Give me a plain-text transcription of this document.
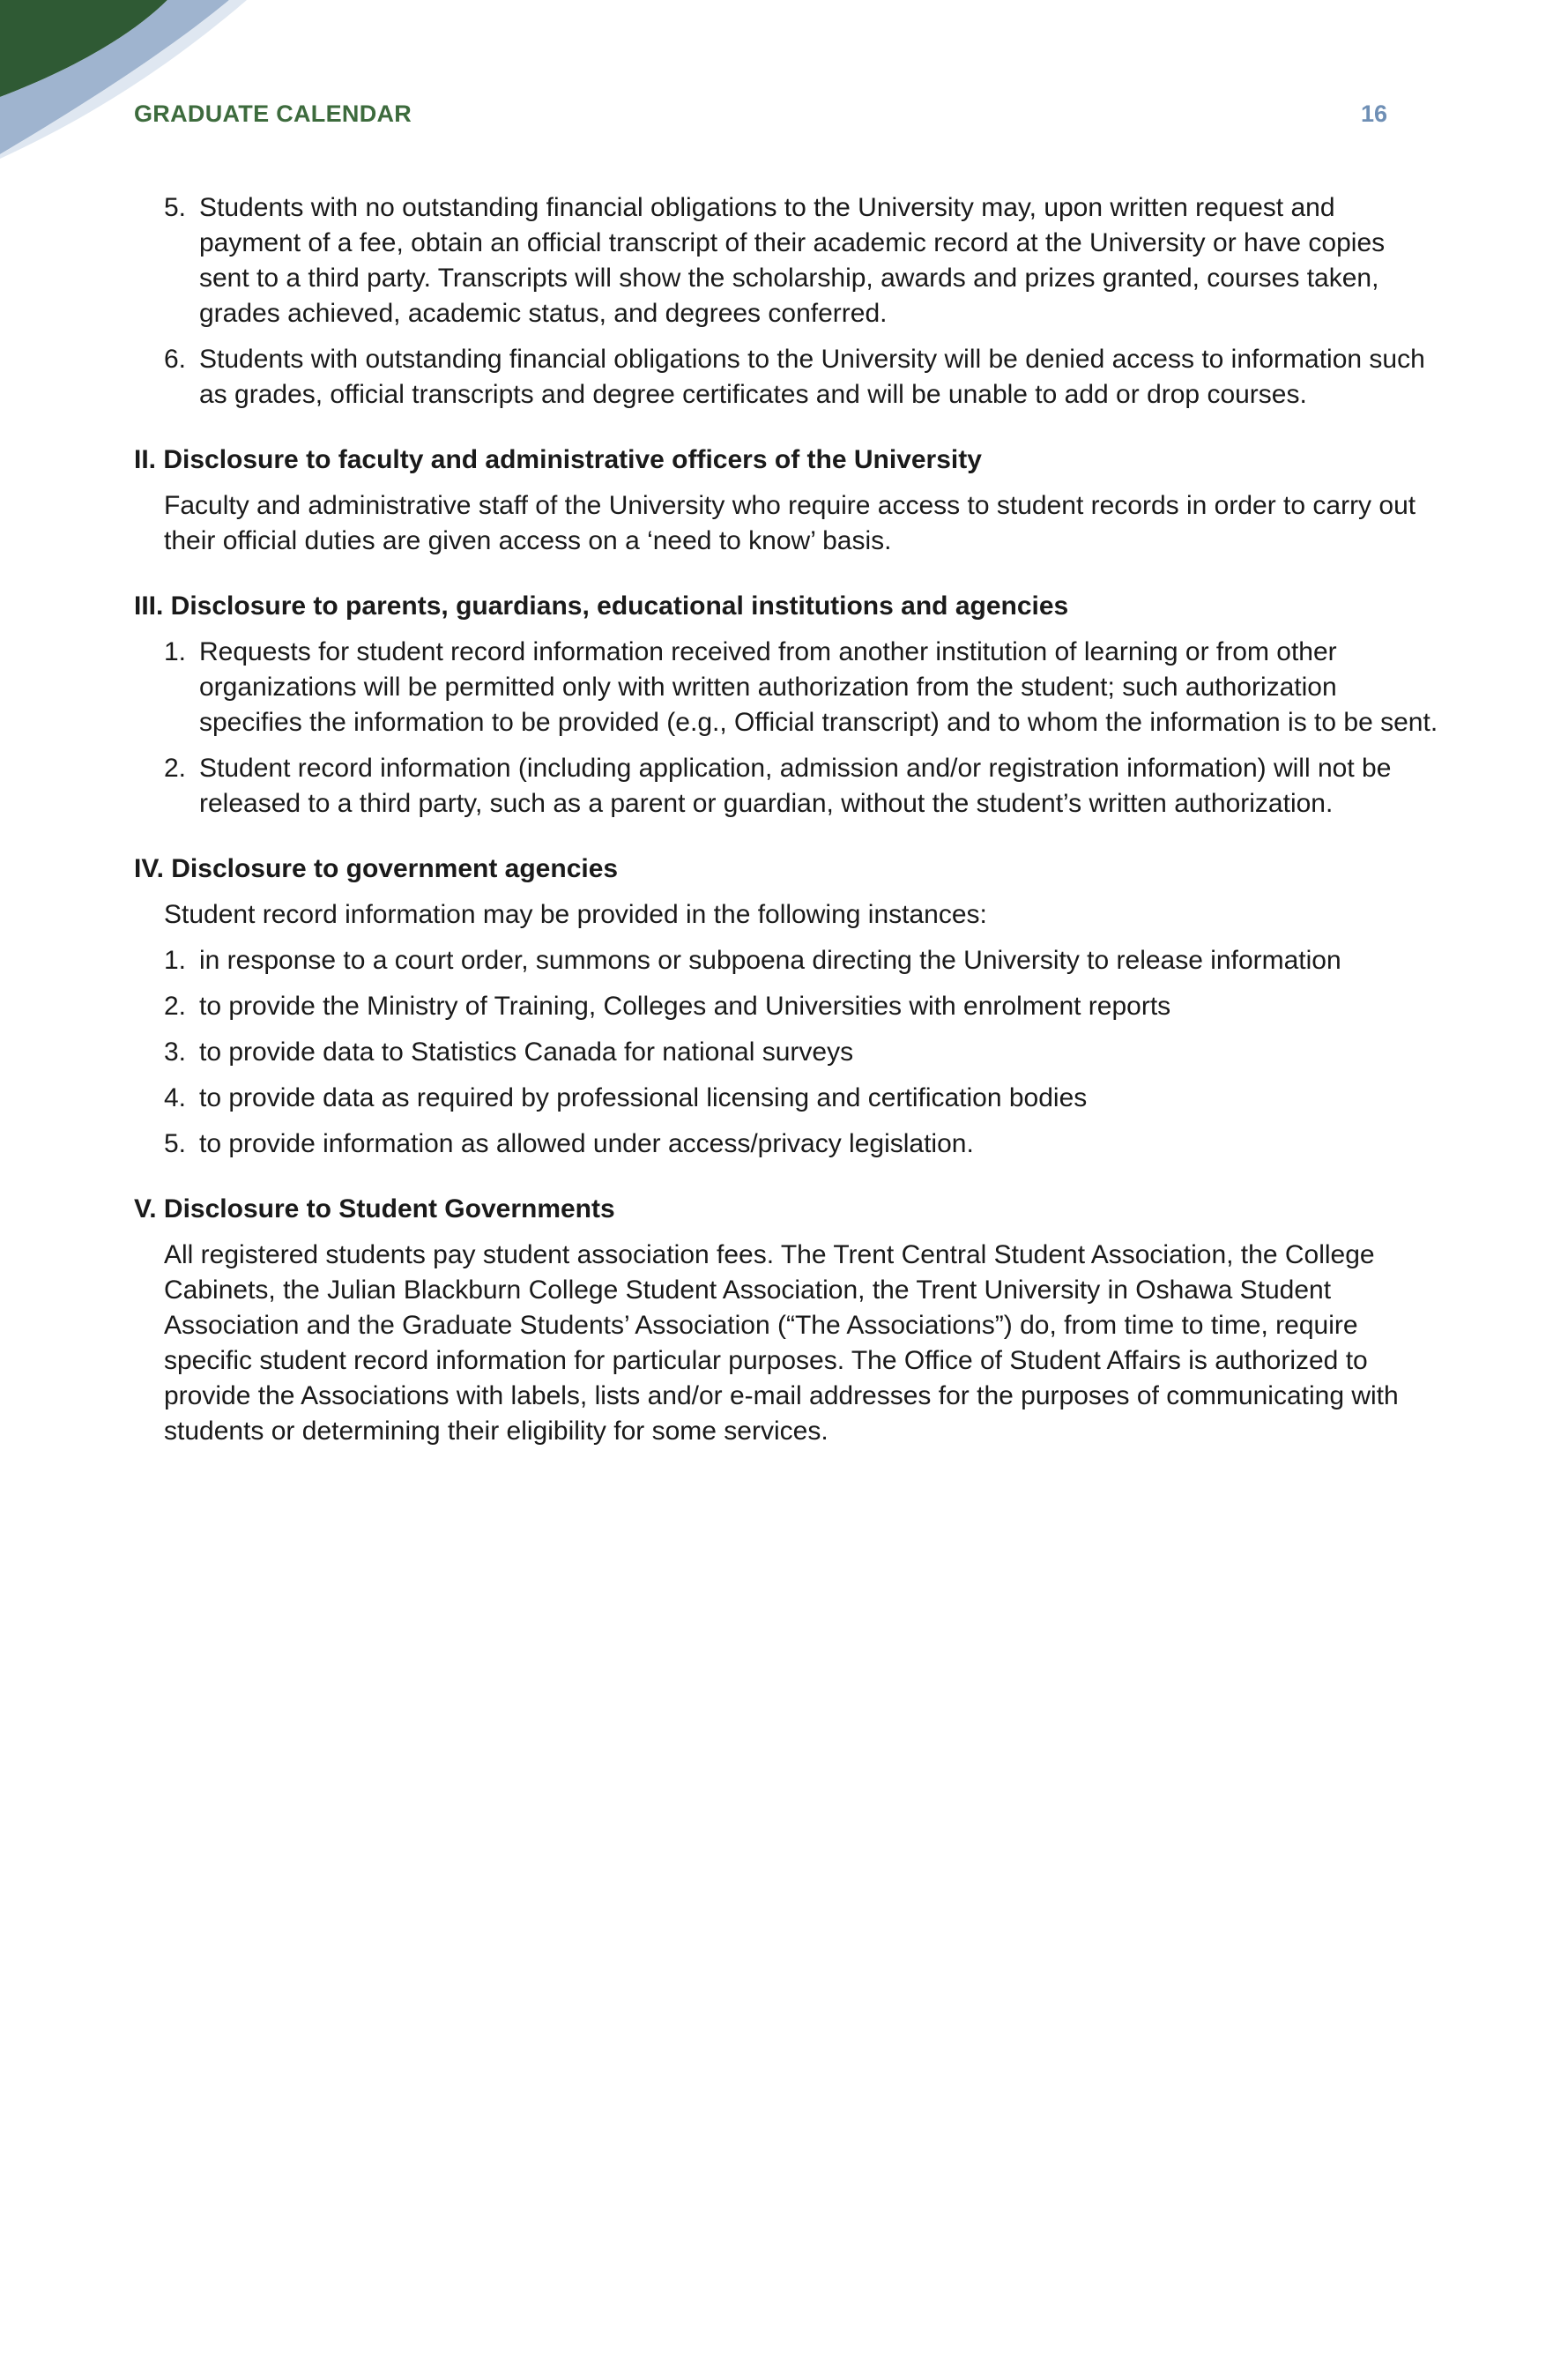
GRADUATE CALENDAR	16
5. Students with no outstanding financial obligations to the University may, upon written request and payment of a fee, obtain an official transcript of their academic record at the University or have copies sent to a third party. Transcripts will show the scholarship, awards and prizes granted, courses taken, grades achieved, academic status, and degrees conferred.
6. Students with outstanding financial obligations to the University will be denied access to information such as grades, official transcripts and degree certificates and will be unable to add or drop courses.
II. Disclosure to faculty and administrative officers of the University

Faculty and administrative staff of the University who require access to student records in order to carry out their official duties are given access on a ‘need to know’ basis.

III. Disclosure to parents, guardians, educational institutions and agencies
1. Requests for student record information received from another institution of learning or from other organizations will be permitted only with written authorization from the student; such authorization specifies the information to be provided (e.g., Official transcript) and to whom the information is to be sent.
2. Student record information (including application, admission and/or registration information) will not be released to a third party, such as a parent or guardian, without the student’s written authorization.
IV. Disclosure to government agencies

Student record information may be provided in the following instances:

1. in response to a court order, summons or subpoena directing the University to release information
2. to provide the Ministry of Training, Colleges and Universities with enrolment reports
3. to provide data to Statistics Canada for national surveys
4. to provide data as required by professional licensing and certification bodies
5. to provide information as allowed under access/privacy legislation.
V. Disclosure to Student Governments

All registered students pay student association fees. The Trent Central Student Association, the College Cabinets, the Julian Blackburn College Student Association, the Trent University in Oshawa Student Association and the Graduate Students’ Association (“The Associations”) do, from time to time, require specific student record information for particular purposes. The Office of Student Affairs is authorized to provide the Associations with labels, lists and/or e-mail addresses for the purposes of communicating with students or determining their eligibility for some services.
